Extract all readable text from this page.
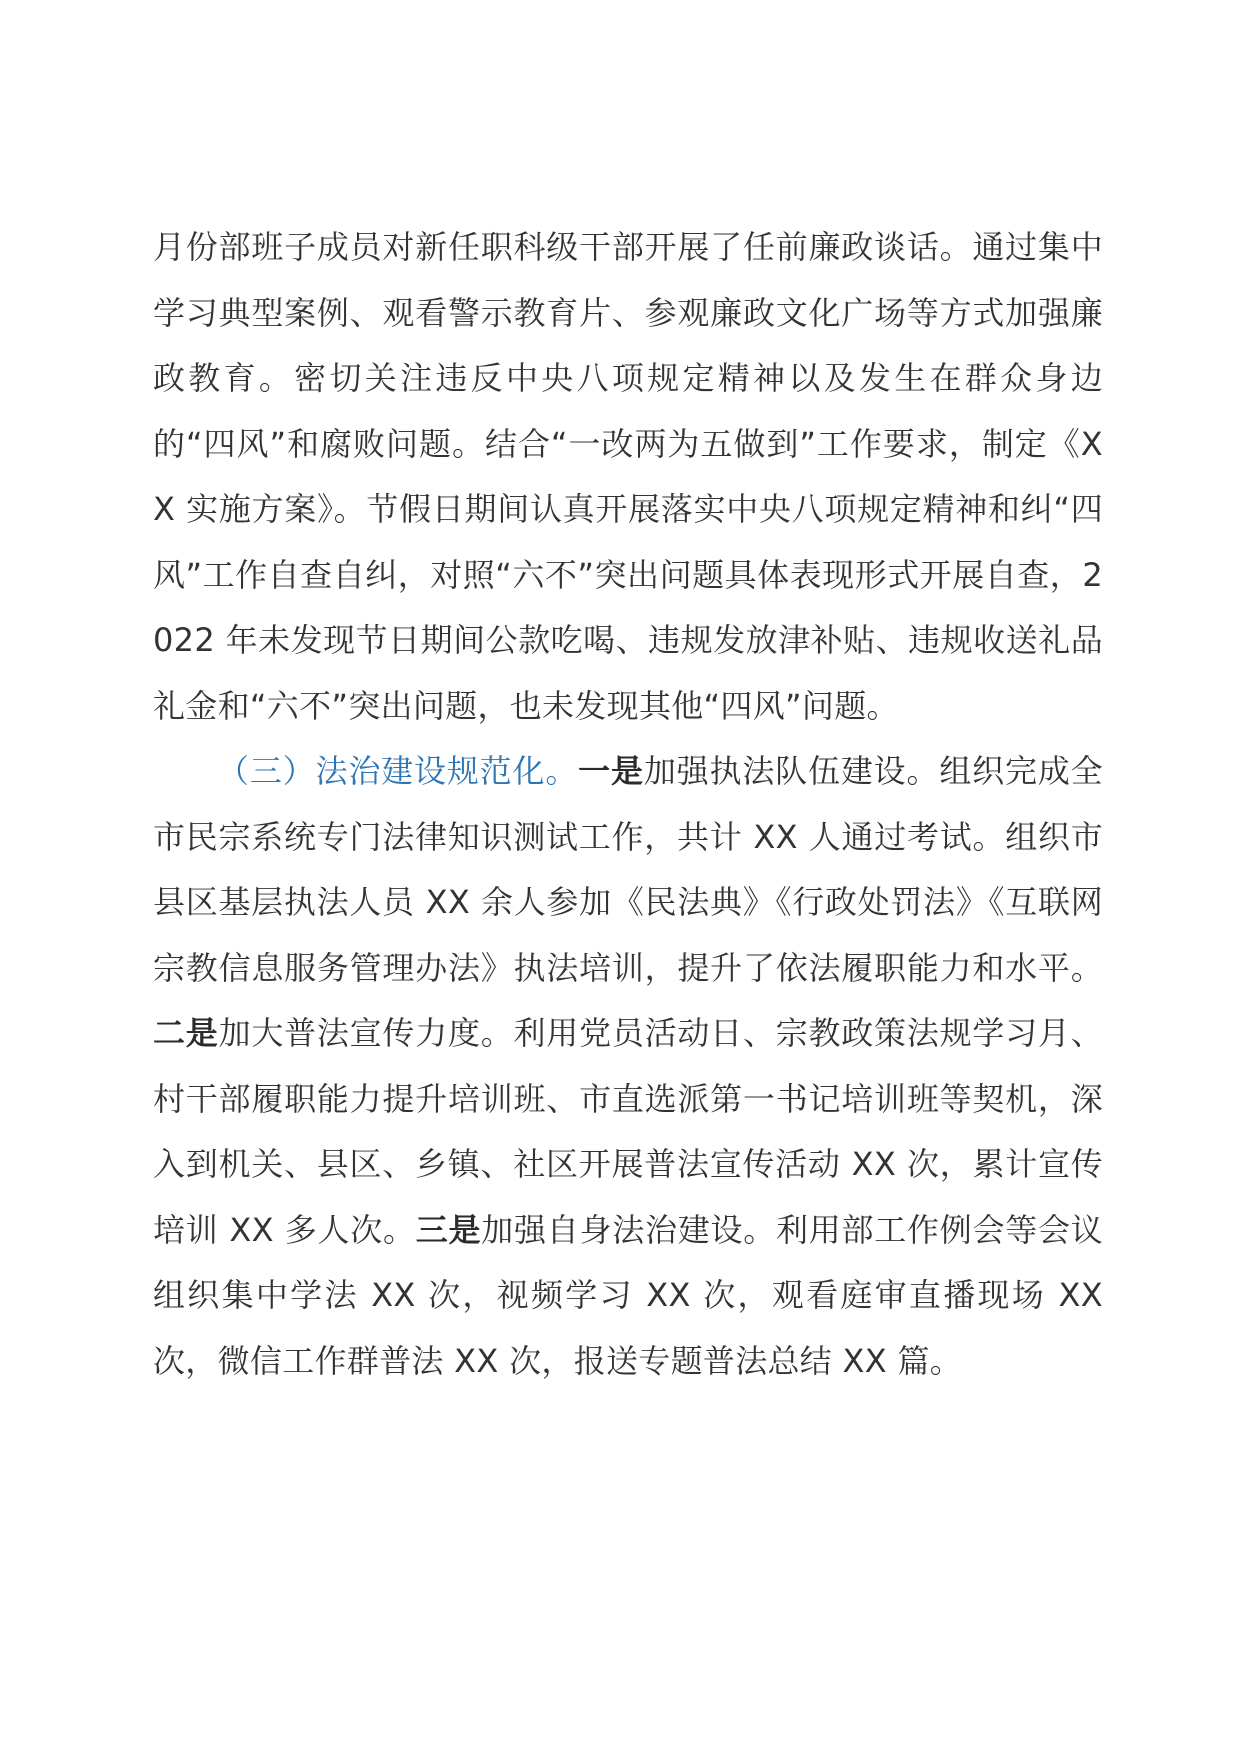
月份部班子成员对新任职科级干部开展了任前廉政谈话。通过集中学习典型案例、观看警示教育片、参观廉政文化广场等方式加强廉政教育。密切关注违反中央八项规定精神以及发生在群众身边的“四风”和腐败问题。结合“一改两为五做到”工作要求，制定《XX 实施方案》。节假日期间认真开展落实中央八项规定精神和纠“四风”工作自查自纠，对照“六不”突出问题具体表现形式开展自查，2022 年未发现节日期间公款吃喝、违规发放津补贴、违规收送礼品礼金和“六不”突出问题，也未发现其他“四风”问题。

（三）法治建设规范化。一是加强执法队伍建设。组织完成全市民宗系统专门法律知识测试工作，共计 XX 人通过考试。组织市县区基层执法人员 XX 余人参加《民法典》《行政处罚法》《互联网宗教信息服务管理办法》执法培训，提升了依法履职能力和水平。二是加大普法宣传力度。利用党员活动日、宗教政策法规学习月、村干部履职能力提升培训班、市直选派第一书记培训班等契机，深入到机关、县区、乡镇、社区开展普法宣传活动 XX 次，累计宣传培训 XX 多人次。三是加强自身法治建设。利用部工作例会等会议组织集中学法 XX 次，视频学习 XX 次，观看庭审直播现场 XX 次，微信工作群普法 XX 次，报送专题普法总结 XX 篇。
